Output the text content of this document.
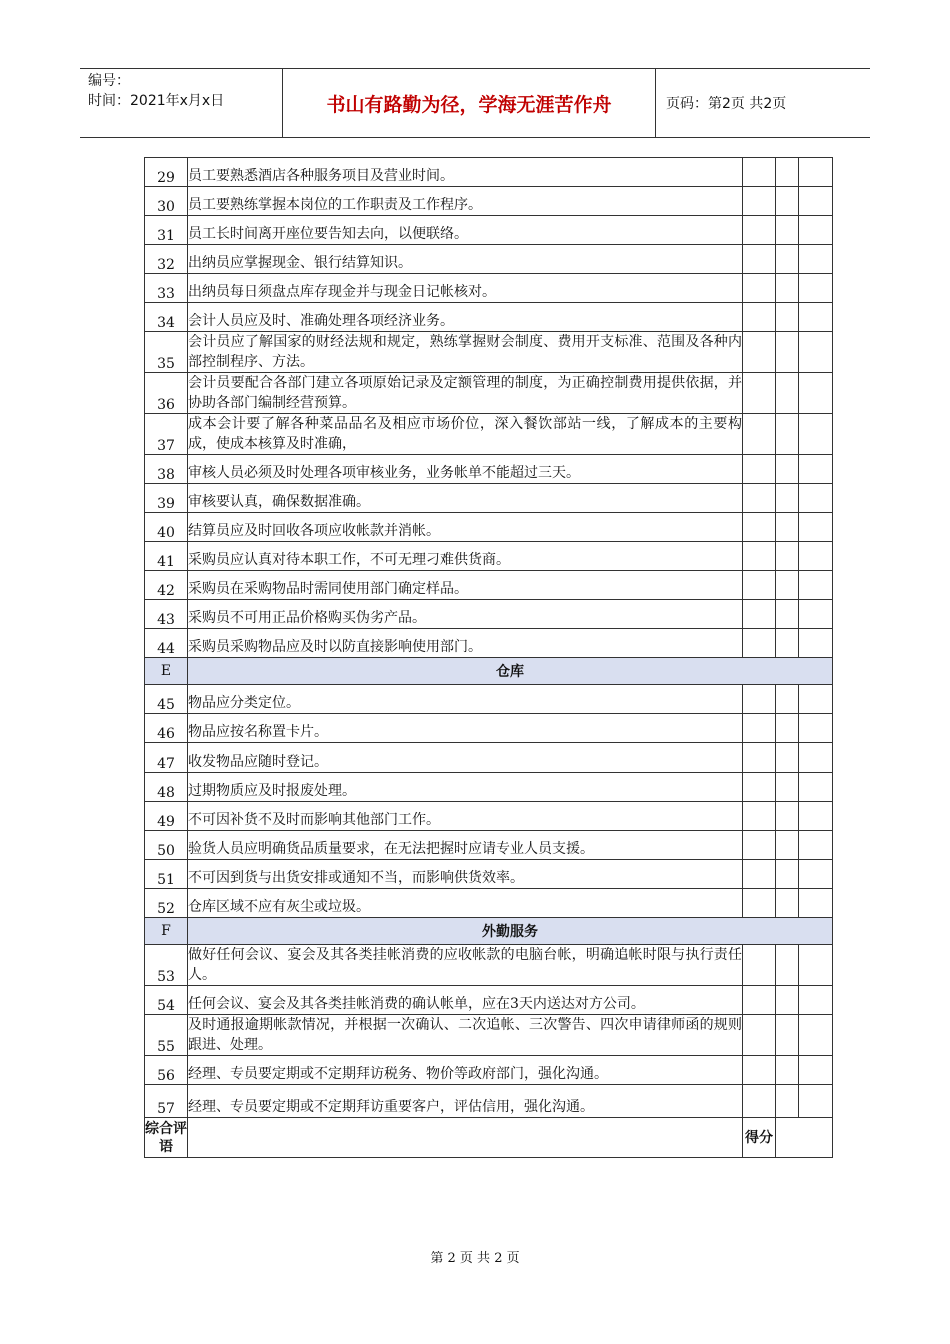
编号：
时间：2021年x月x日	书山有路勤为径，学海无涯苦作舟	页码：第2页 共2页
29	员工要熟悉酒店各种服务项目及营业时间。			
30	员工要熟练掌握本岗位的工作职责及工作程序。			
31	员工长时间离开座位要告知去向，以便联络。			
32	出纳员应掌握现金、银行结算知识。			
33	出纳员每日须盘点库存现金并与现金日记帐核对。			
34	会计人员应及时、准确处理各项经济业务。			
35	会计员应了解国家的财经法规和规定，熟练掌握财会制度、费用开支标准、范围及各种内部控制程序、方法。			
36	会计员要配合各部门建立各项原始记录及定额管理的制度，为正确控制费用提供依据，并协助各部门编制经营预算。			
37	成本会计要了解各种菜品品名及相应市场价位，深入餐饮部站一线，了解成本的主要构成，使成本核算及时准确，			
38	审核人员必须及时处理各项审核业务，业务帐单不能超过三天。			
39	审核要认真，确保数据准确。			
40	结算员应及时回收各项应收帐款并消帐。			
41	采购员应认真对待本职工作，不可无理刁难供货商。			
42	采购员在采购物品时需同使用部门确定样品。			
43	采购员不可用正品价格购买伪劣产品。			
44	采购员采购物品应及时以防直接影响使用部门。			
E	仓库			
45	物品应分类定位。			
46	物品应按名称置卡片。			
47	收发物品应随时登记。			
48	过期物质应及时报废处理。			
49	不可因补货不及时而影响其他部门工作。			
50	验货人员应明确货品质量要求，在无法把握时应请专业人员支援。			
51	不可因到货与出货安排或通知不当，而影响供货效率。			
52	仓库区域不应有灰尘或垃圾。			
F	外勤服务			
53	做好任何会议、宴会及其各类挂帐消费的应收帐款的电脑台帐，明确追帐时限与执行责任人。			
54	任何会议、宴会及其各类挂帐消费的确认帐单，应在3天内送达对方公司。			
55	及时通报逾期帐款情况，并根据一次确认、二次追帐、三次警告、四次申请律师函的规则跟进、处理。			
56	经理、专员要定期或不定期拜访税务、物价等政府部门，强化沟通。			
57	经理、专员要定期或不定期拜访重要客户，评估信用，强化沟通。			
综合评语		得分		
第 2 页 共 2 页
